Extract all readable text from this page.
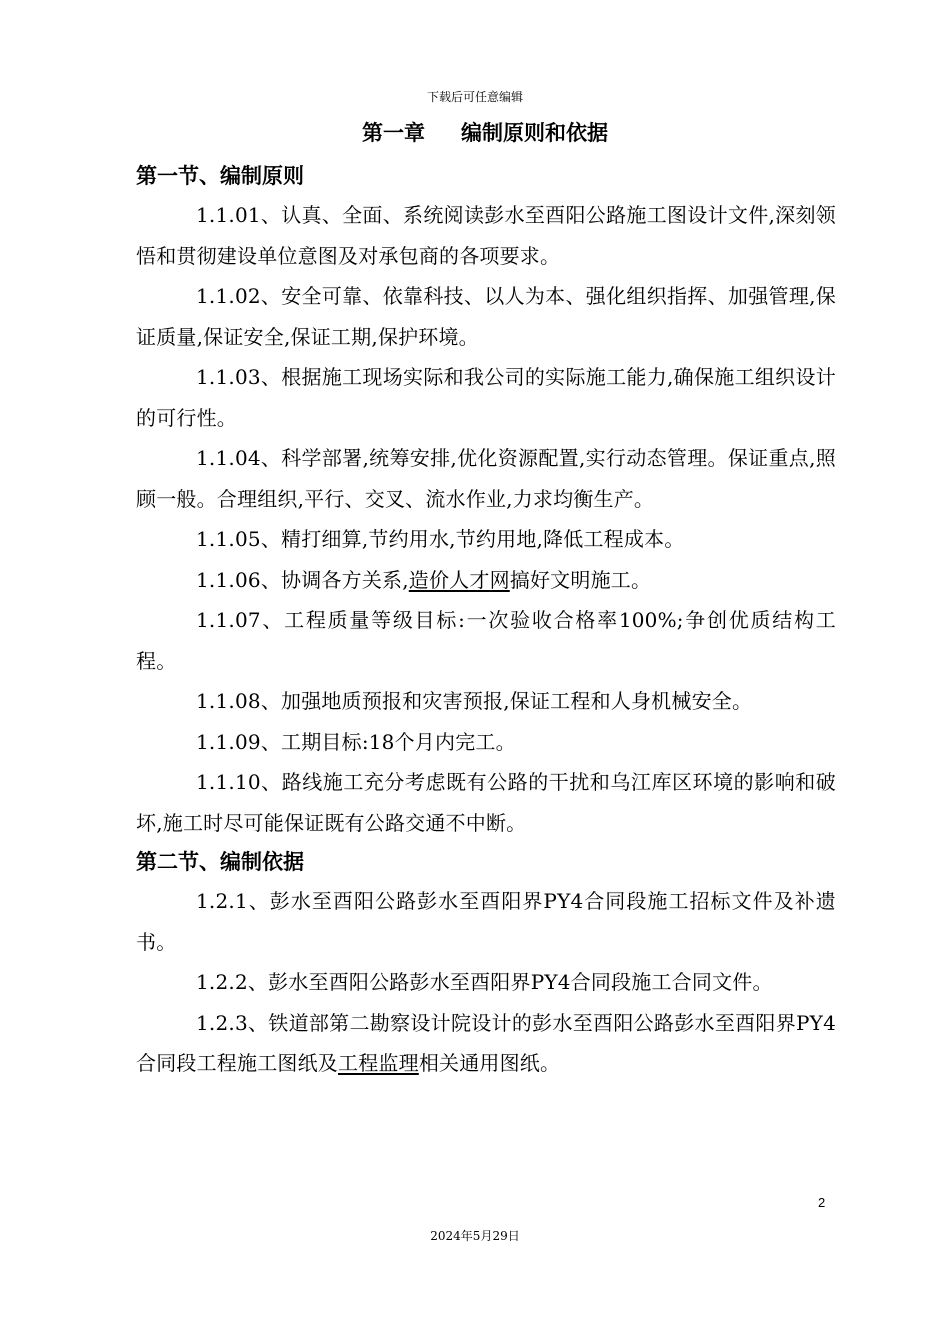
下载后可任意编辑
第一章 编制原则和依据
第一节、编制原则

1.1.01、认真、全面、系统阅读彭水至酉阳公路施工图设计文件,深刻领悟和贯彻建设单位意图及对承包商的各项要求。

1.1.02、安全可靠、依靠科技、以人为本、强化组织指挥、加强管理,保证质量,保证安全,保证工期,保护环境。

1.1.03、根据施工现场实际和我公司的实际施工能力,确保施工组织设计的可行性。

1.1.04、科学部署,统筹安排,优化资源配置,实行动态管理。保证重点,照顾一般。合理组织,平行、交叉、流水作业,力求均衡生产。

1.1.05、精打细算,节约用水,节约用地,降低工程成本。

1.1.06、协调各方关系,造价人才网搞好文明施工。

1.1.07、工程质量等级目标:一次验收合格率100%;争创优质结构工程。

1.1.08、加强地质预报和灾害预报,保证工程和人身机械安全。

1.1.09、工期目标:18个月内完工。

1.1.10、路线施工充分考虑既有公路的干扰和乌江库区环境的影响和破坏,施工时尽可能保证既有公路交通不中断。

第二节、编制依据

1.2.1、彭水至酉阳公路彭水至酉阳界PY4合同段施工招标文件及补遗书。

1.2.2、彭水至酉阳公路彭水至酉阳界PY4合同段施工合同文件。

1.2.3、铁道部第二勘察设计院设计的彭水至酉阳公路彭水至酉阳界PY4合同段工程施工图纸及工程监理相关通用图纸。

2
2024年5月29日
